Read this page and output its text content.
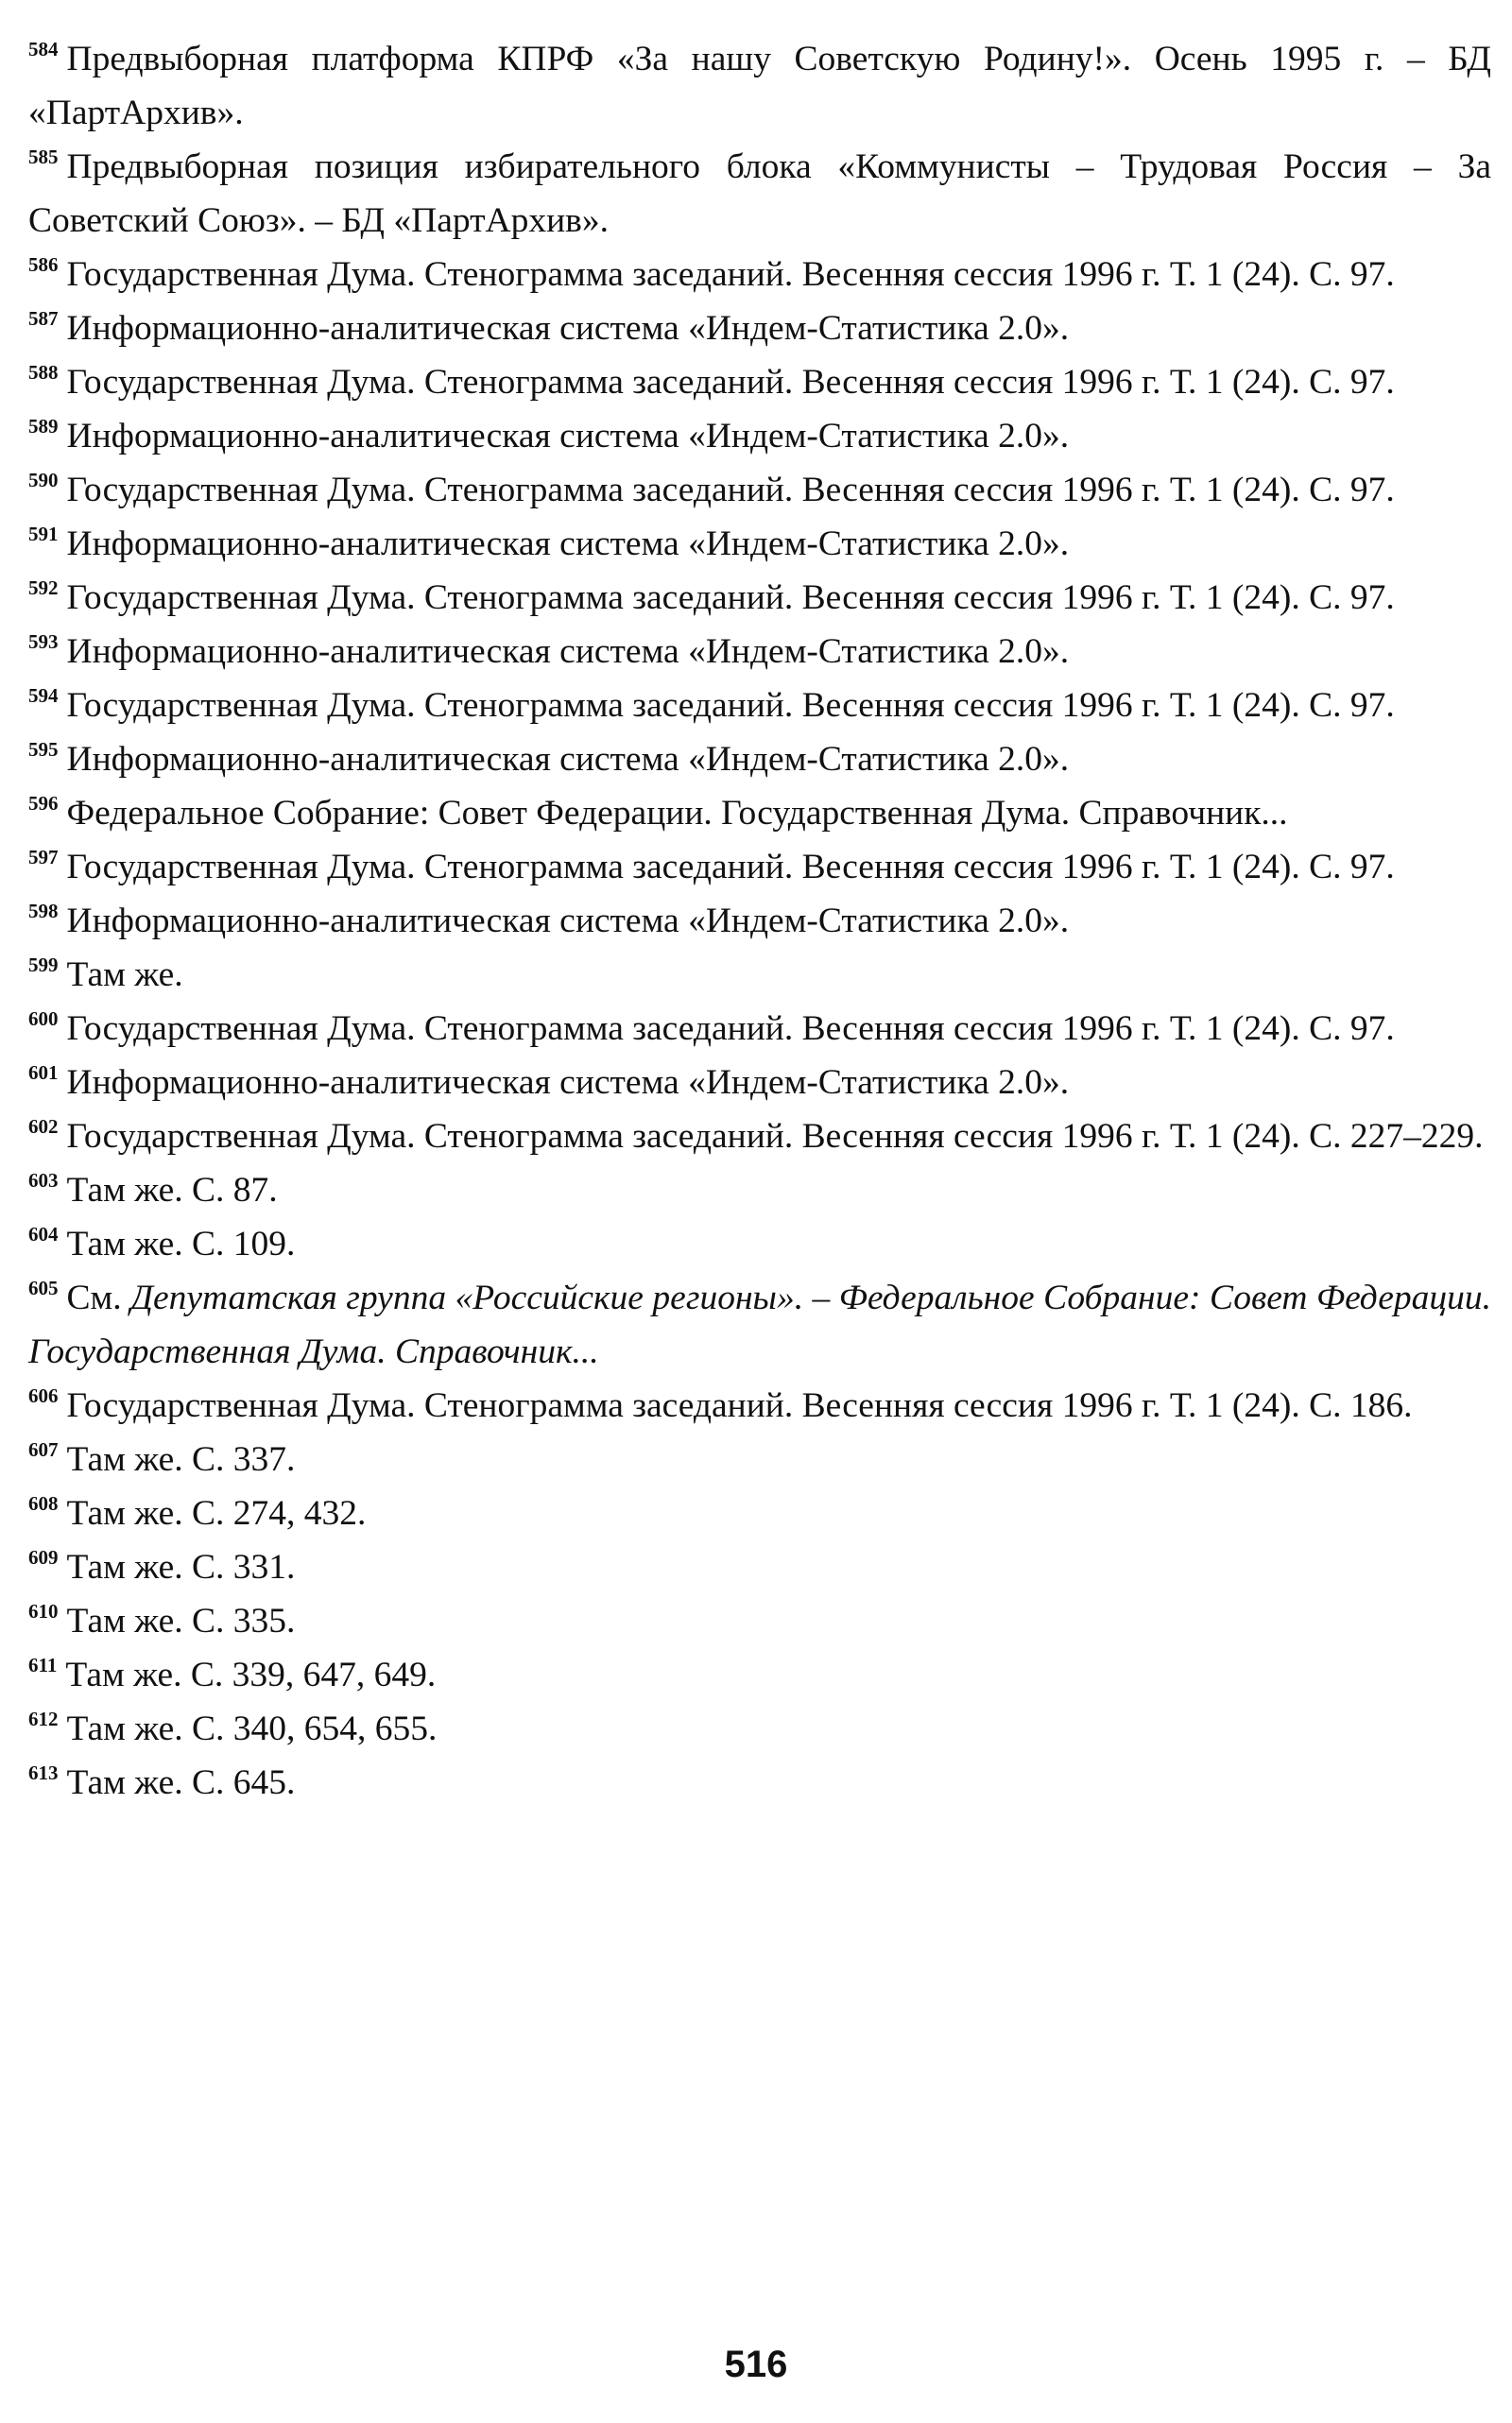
$^{584}$ Предвыборная платформа КПРФ «За нашу Советскую Родину!». Осень 1995 г. – БД «ПартАрхив».

$^{585}$ Предвыборная позиция избирательного блока «Коммунисты – Трудовая Россия – За Советский Союз». – БД «ПартАрхив».

$^{586}$ Государственная Дума. Стенограмма заседаний. Весенняя сессия 1996 г. Т. 1 (24). С. 97.

$^{587}$ Информационно-аналитическая система «Индем-Статистика 2.0».

$^{588}$ Государственная Дума. Стенограмма заседаний. Весенняя сессия 1996 г. Т. 1 (24). С. 97.

$^{589}$ Информационно-аналитическая система «Индем-Статистика 2.0».

$^{590}$ Государственная Дума. Стенограмма заседаний. Весенняя сессия 1996 г. Т. 1 (24). С. 97.

$^{591}$ Информационно-аналитическая система «Индем-Статистика 2.0».

$^{592}$ Государственная Дума. Стенограмма заседаний. Весенняя сессия 1996 г. Т. 1 (24). С. 97.

$^{593}$ Информационно-аналитическая система «Индем-Статистика 2.0».

$^{594}$ Государственная Дума. Стенограмма заседаний. Весенняя сессия 1996 г. Т. 1 (24). С. 97.

$^{595}$ Информационно-аналитическая система «Индем-Статистика 2.0».

$^{596}$ Федеральное Собрание: Совет Федерации. Государственная Дума. Справочник...

$^{597}$ Государственная Дума. Стенограмма заседаний. Весенняя сессия 1996 г. Т. 1 (24). С. 97.

$^{598}$ Информационно-аналитическая система «Индем-Статистика 2.0».

$^{599}$ Там же.

$^{600}$ Государственная Дума. Стенограмма заседаний. Весенняя сессия 1996 г. Т. 1 (24). С. 97.

$^{601}$ Информационно-аналитическая система «Индем-Статистика 2.0».

$^{602}$ Государственная Дума. Стенограмма заседаний. Весенняя сессия 1996 г. Т. 1 (24). С. 227–229.

$^{603}$ Там же. С. 87.

$^{604}$ Там же. С. 109.

$^{605}$ См. Депутатская группа «Российские регионы». – Федеральное Собрание: Совет Федерации. Государственная Дума. Справочник...

$^{606}$ Государственная Дума. Стенограмма заседаний. Весенняя сессия 1996 г. Т. 1 (24). С. 186.

$^{607}$ Там же. С. 337.

$^{608}$ Там же. С. 274, 432.

$^{609}$ Там же. С. 331.

$^{610}$ Там же. С. 335.

$^{611}$ Там же. С. 339, 647, 649.

$^{612}$ Там же. С. 340, 654, 655.

$^{613}$ Там же. С. 645.

516
